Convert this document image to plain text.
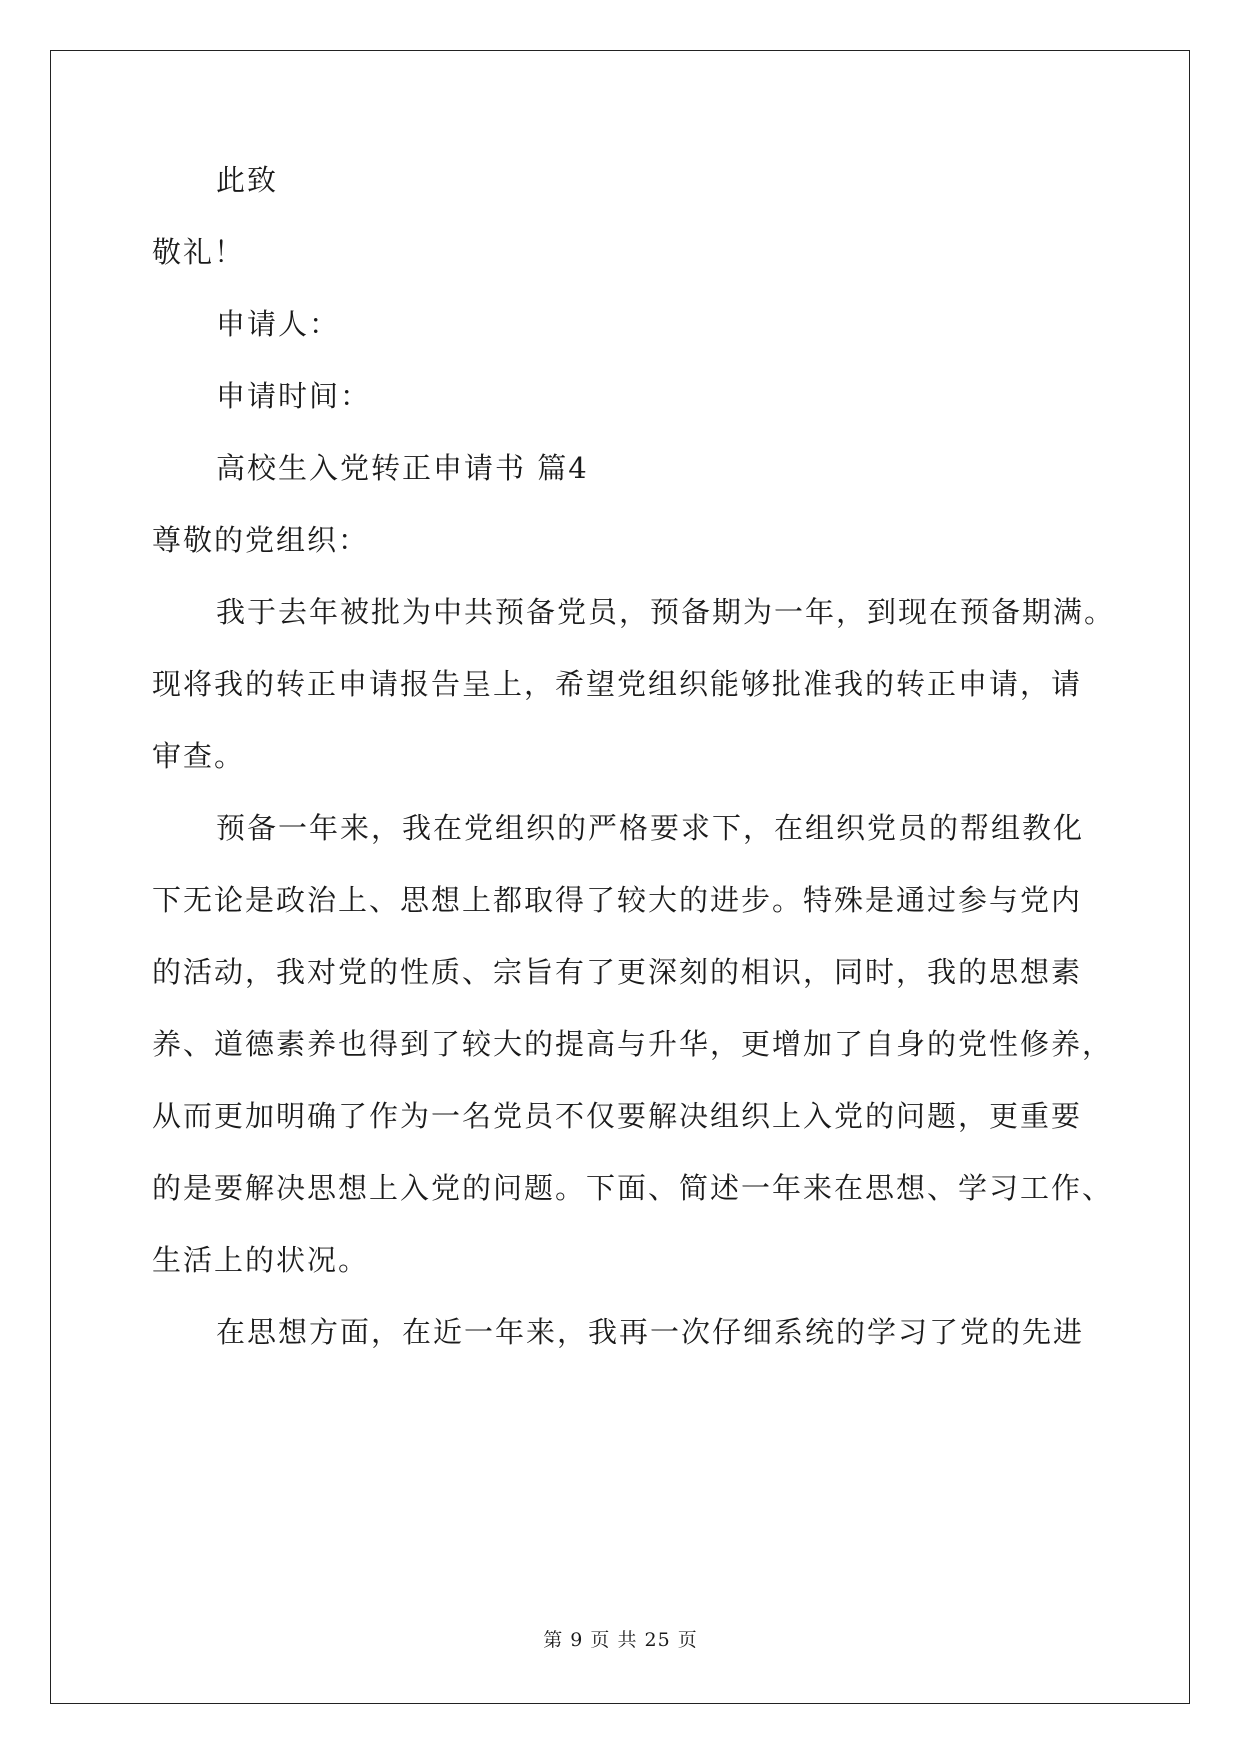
此致
敬礼！
申请人：
申请时间：
高校生入党转正申请书 篇4
尊敬的党组织：
我于去年被批为中共预备党员，预备期为一年，到现在预备期满。
现将我的转正申请报告呈上，希望党组织能够批准我的转正申请，请
审查。
预备一年来，我在党组织的严格要求下，在组织党员的帮组教化
下无论是政治上、思想上都取得了较大的进步。特殊是通过参与党内
的活动，我对党的性质、宗旨有了更深刻的相识，同时，我的思想素
养、道德素养也得到了较大的提高与升华，更增加了自身的党性修养，
从而更加明确了作为一名党员不仅要解决组织上入党的问题，更重要
的是要解决思想上入党的问题。下面、简述一年来在思想、学习工作、
生活上的状况。
在思想方面，在近一年来，我再一次仔细系统的学习了党的先进
第 9 页 共 25 页
